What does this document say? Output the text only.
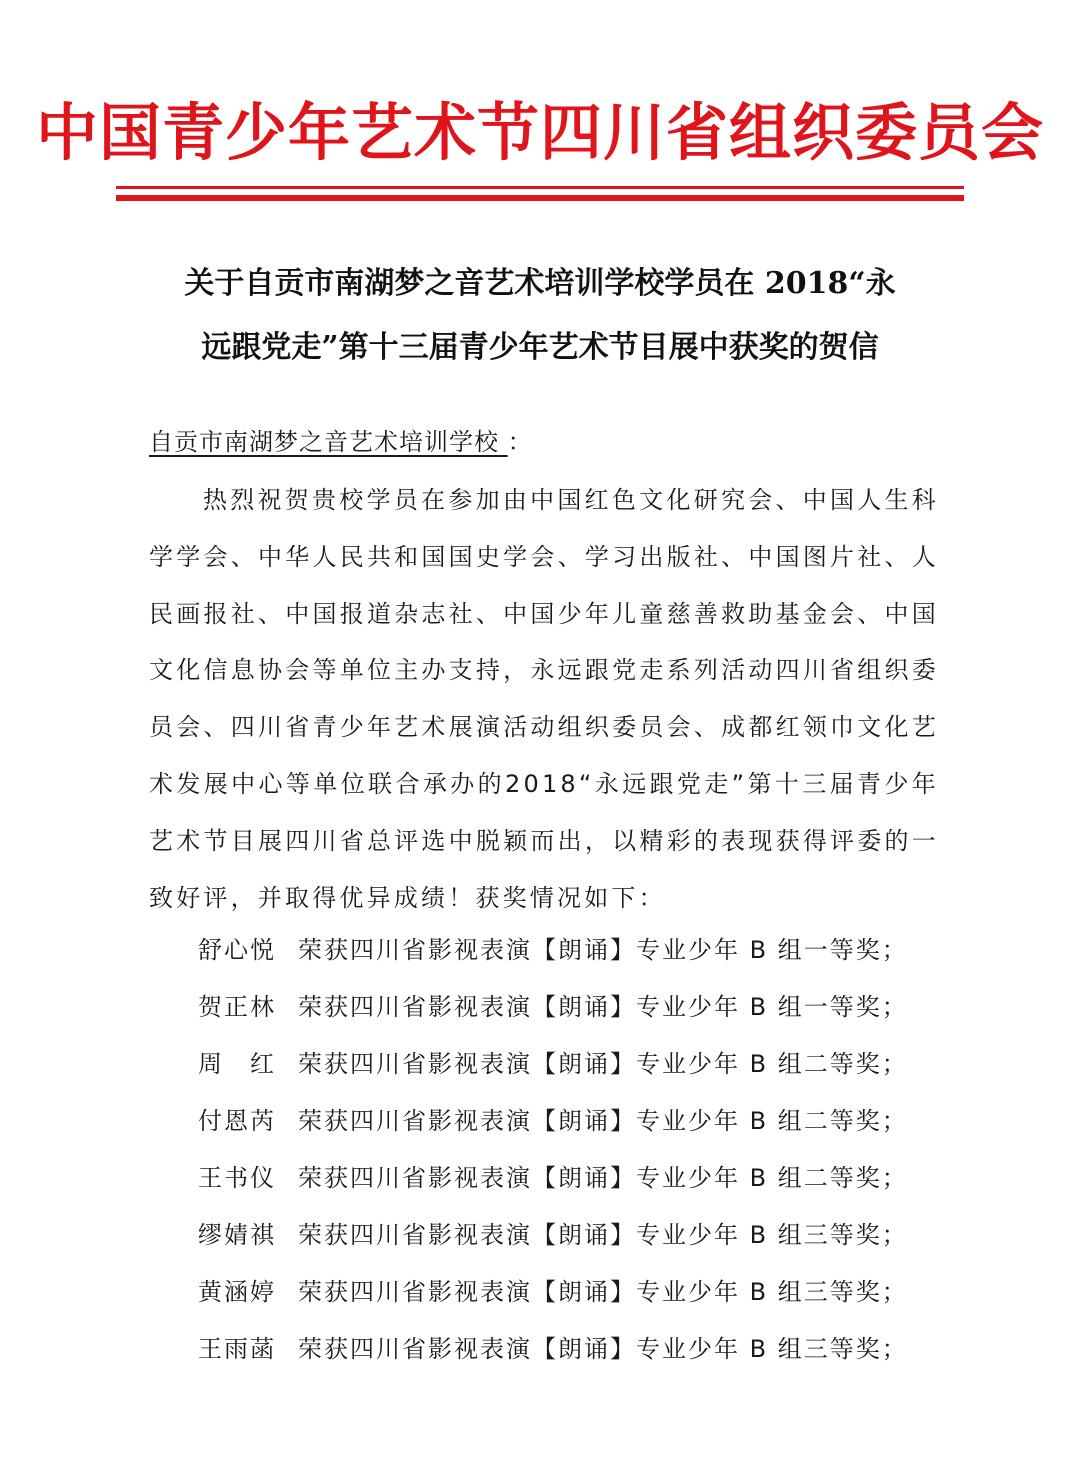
中国青少年艺术节四川省组织委员会
关于自贡市南湖梦之音艺术培训学校学员在 2018“永
远跟党走”第十三届青少年艺术节目展中获奖的贺信
自贡市南湖梦之音艺术培训学校 ：
热烈祝贺贵校学员在参加由中国红色文化研究会、中国人生科学学会、中华人民共和国国史学会、学习出版社、中国图片社、人民画报社、中国报道杂志社、中国少年儿童慈善救助基金会、中国文化信息协会等单位主办支持，永远跟党走系列活动四川省组织委员会、四川省青少年艺术展演活动组织委员会、成都红领巾文化艺术发展中心等单位联合承办的2018“永远跟党走”第十三届青少年艺术节目展四川省总评选中脱颖而出，以精彩的表现获得评委的一致好评，并取得优异成绩！获奖情况如下：
舒心悦 荣获四川省影视表演【朗诵】专业少年 B 组一等奖；
贺正林 荣获四川省影视表演【朗诵】专业少年 B 组一等奖；
周　红 荣获四川省影视表演【朗诵】专业少年 B 组二等奖；
付恩芮 荣获四川省影视表演【朗诵】专业少年 B 组二等奖；
王书仪 荣获四川省影视表演【朗诵】专业少年 B 组二等奖；
缪婧祺 荣获四川省影视表演【朗诵】专业少年 B 组三等奖；
黄涵婷 荣获四川省影视表演【朗诵】专业少年 B 组三等奖；
王雨菡 荣获四川省影视表演【朗诵】专业少年 B 组三等奖；
